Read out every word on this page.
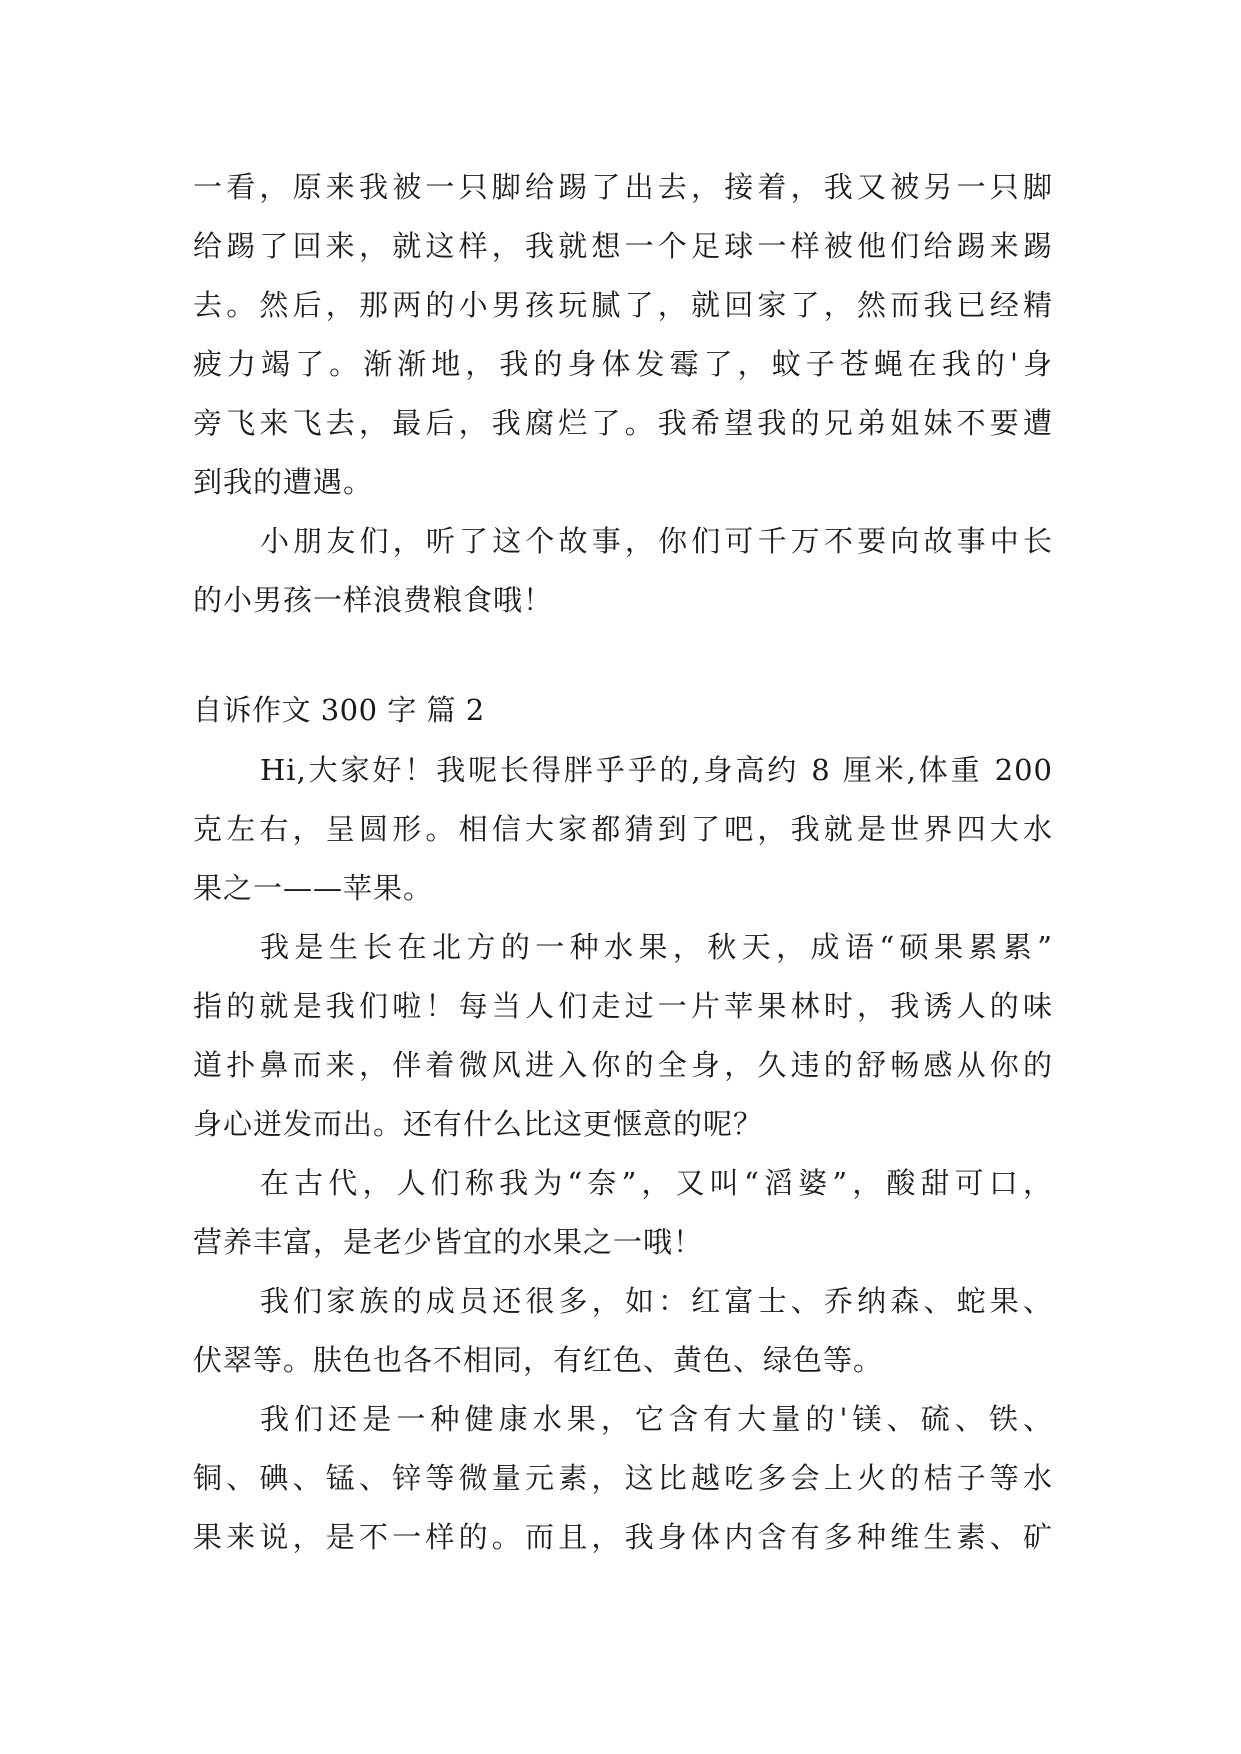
一看，原来我被一只脚给踢了出去，接着，我又被另一只脚
给踢了回来，就这样，我就想一个足球一样被他们给踢来踢
去。然后，那两的小男孩玩腻了，就回家了，然而我已经精
疲力竭了。渐渐地，我的身体发霉了，蚊子苍蝇在我的'身
旁飞来飞去，最后，我腐烂了。我希望我的兄弟姐妹不要遭
到我的遭遇。
小朋友们，听了这个故事，你们可千万不要向故事中长
的小男孩一样浪费粮食哦！
自诉作文 300 字 篇 2
Hi,大家好！我呢长得胖乎乎的,身高约 8 厘米,体重 200
克左右，呈圆形。相信大家都猜到了吧，我就是世界四大水
果之一——苹果。
我是生长在北方的一种水果，秋天，成语“硕果累累”
指的就是我们啦！每当人们走过一片苹果林时，我诱人的味
道扑鼻而来，伴着微风进入你的全身，久违的舒畅感从你的
身心迸发而出。还有什么比这更惬意的呢？
在古代，人们称我为“奈”，又叫“滔婆”，酸甜可口，
营养丰富，是老少皆宜的水果之一哦！
我们家族的成员还很多，如：红富士、乔纳森、蛇果、
伏翠等。肤色也各不相同，有红色、黄色、绿色等。
我们还是一种健康水果，它含有大量的'镁、硫、铁、
铜、碘、锰、锌等微量元素，这比越吃多会上火的桔子等水
果来说，是不一样的。而且，我身体内含有多种维生素、矿
